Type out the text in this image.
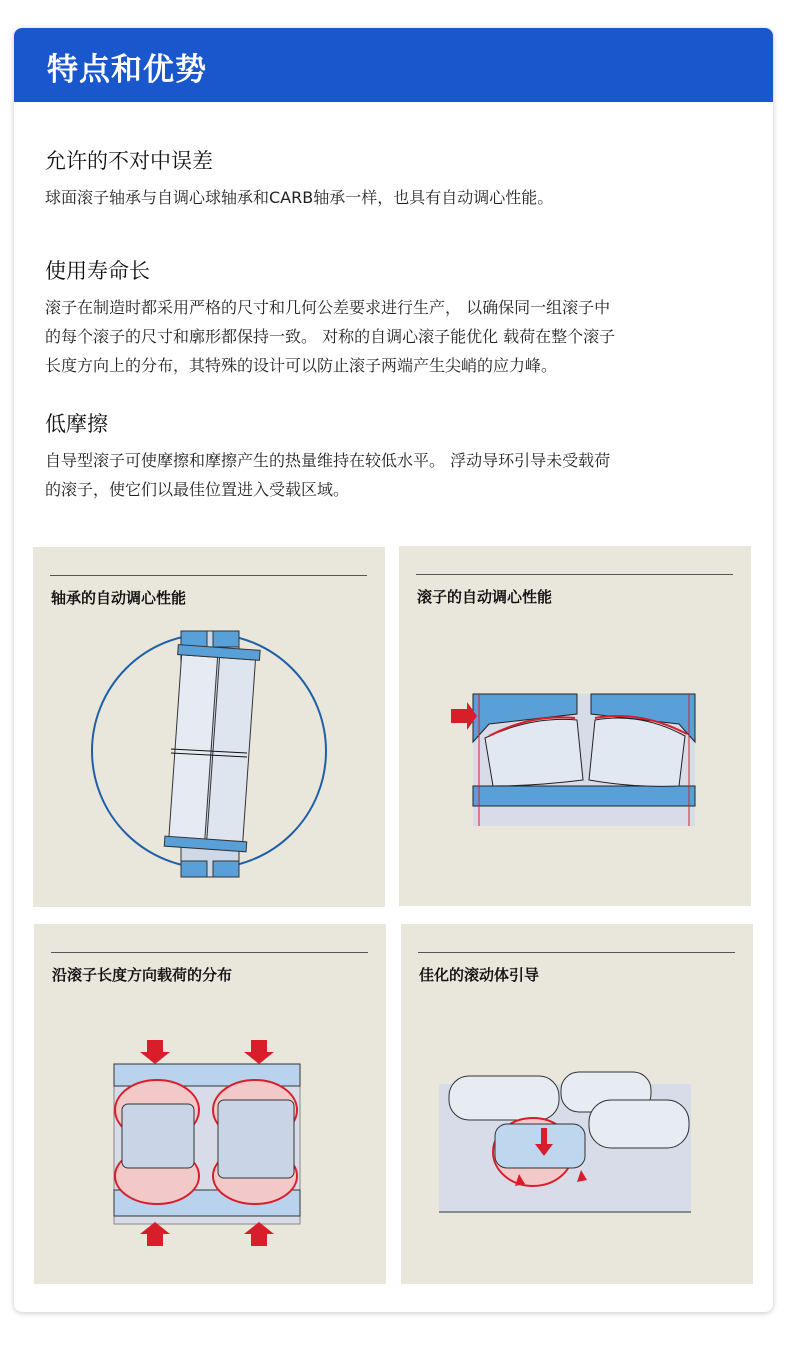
特点和优势
允许的不对中误差

球面滚子轴承与自调心球轴承和CARB轴承一样，也具有自动调心性能。

使用寿命长

滚子在制造时都采用严格的尺寸和几何公差要求进行生产， 以确保同一组滚子中
的每个滚子的尺寸和廓形都保持一致。 对称的自调心滚子能优化 载荷在整个滚子
长度方向上的分布，其特殊的设计可以防止滚子两端产生尖峭的应力峰。

低摩擦

自导型滚子可使摩擦和摩擦产生的热量维持在较低水平。 浮动导环引导未受载荷
的滚子，使它们以最佳位置进入受载区域。

轴承的自动调心性能	滚子的自动调心性能
沿滚子长度方向载荷的分布	佳化的滚动体引导
